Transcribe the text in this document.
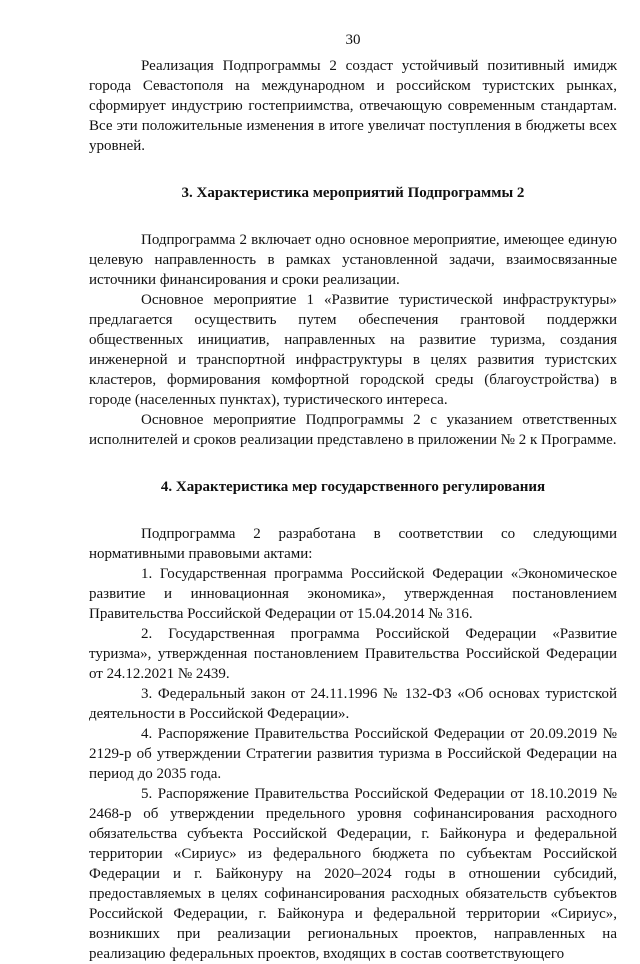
30

Реализация Подпрограммы 2 создаст устойчивый позитивный имидж города Севастополя на международном и российском туристских рынках, сформирует индустрию гостеприимства, отвечающую современным стандартам. Все эти положительные изменения в итоге увеличат поступления в бюджеты всех уровней.

3. Характеристика мероприятий Подпрограммы 2

Подпрограмма 2 включает одно основное мероприятие, имеющее единую целевую направленность в рамках установленной задачи, взаимосвязанные источники финансирования и сроки реализации.

Основное мероприятие 1 «Развитие туристической инфраструктуры» предлагается осуществить путем обеспечения грантовой поддержки общественных инициатив, направленных на развитие туризма, создания инженерной и транспортной инфраструктуры в целях развития туристских кластеров, формирования комфортной городской среды (благоустройства) в городе (населенных пунктах), туристического интереса.

Основное мероприятие Подпрограммы 2 с указанием ответственных исполнителей и сроков реализации представлено в приложении № 2 к Программе.

4. Характеристика мер государственного регулирования

Подпрограмма 2 разработана в соответствии со следующими нормативными правовыми актами:

1. Государственная программа Российской Федерации «Экономическое развитие и инновационная экономика», утвержденная постановлением Правительства Российской Федерации от 15.04.2014 № 316.

2. Государственная программа Российской Федерации «Развитие туризма», утвержденная постановлением Правительства Российской Федерации от 24.12.2021 № 2439.

3. Федеральный закон от 24.11.1996 № 132-ФЗ «Об основах туристской деятельности в Российской Федерации».

4. Распоряжение Правительства Российской Федерации от 20.09.2019 № 2129-р об утверждении Стратегии развития туризма в Российской Федерации на период до 2035 года.

5. Распоряжение Правительства Российской Федерации от 18.10.2019 № 2468-р об утверждении предельного уровня софинансирования расходного обязательства субъекта Российской Федерации, г. Байконура и федеральной территории «Сириус» из федерального бюджета по субъектам Российской Федерации и г. Байконуру на 2020–2024 годы в отношении субсидий, предоставляемых в целях софинансирования расходных обязательств субъектов Российской Федерации, г. Байконура и федеральной территории «Сириус», возникших при реализации региональных проектов, направленных на реализацию федеральных проектов, входящих в состав соответствующего
